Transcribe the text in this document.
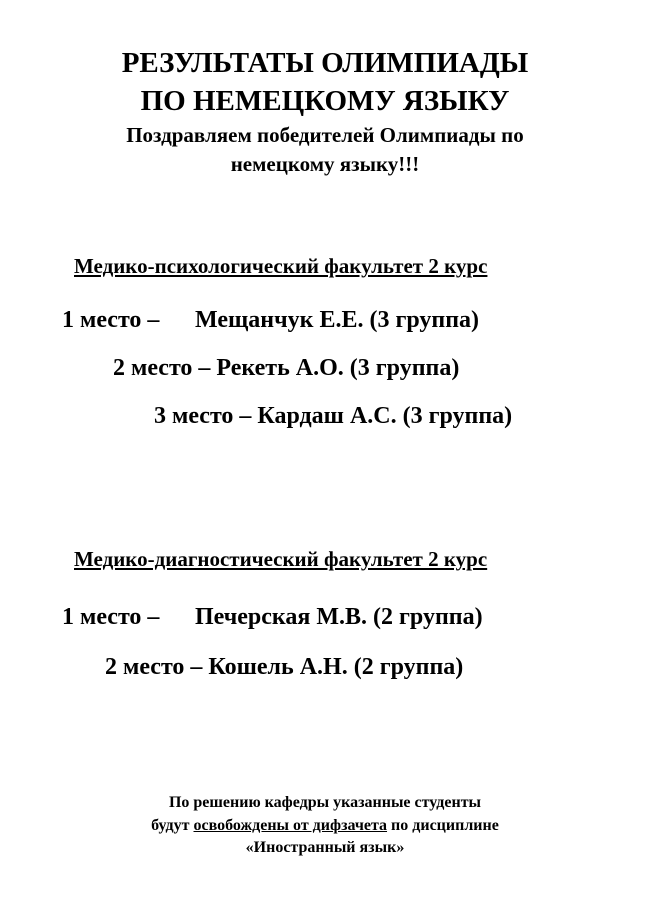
РЕЗУЛЬТАТЫ ОЛИМПИАДЫ
ПО НЕМЕЦКОМУ ЯЗЫКУ
Поздравляем победителей Олимпиады по
немецкому языку!!!
Медико-психологический факультет 2 курс
1 место – Мещанчук Е.Е. (3 группа)
2 место – Рекеть А.О. (3 группа)
3 место – Кардаш А.С. (3 группа)
Медико-диагностический факультет 2 курс
1 место – Печерская М.В. (2 группа)
2 место – Кошель А.Н. (2 группа)
По решению кафедры указанные студенты
будут освобождены от дифзачета по дисциплине
«Иностранный язык»
